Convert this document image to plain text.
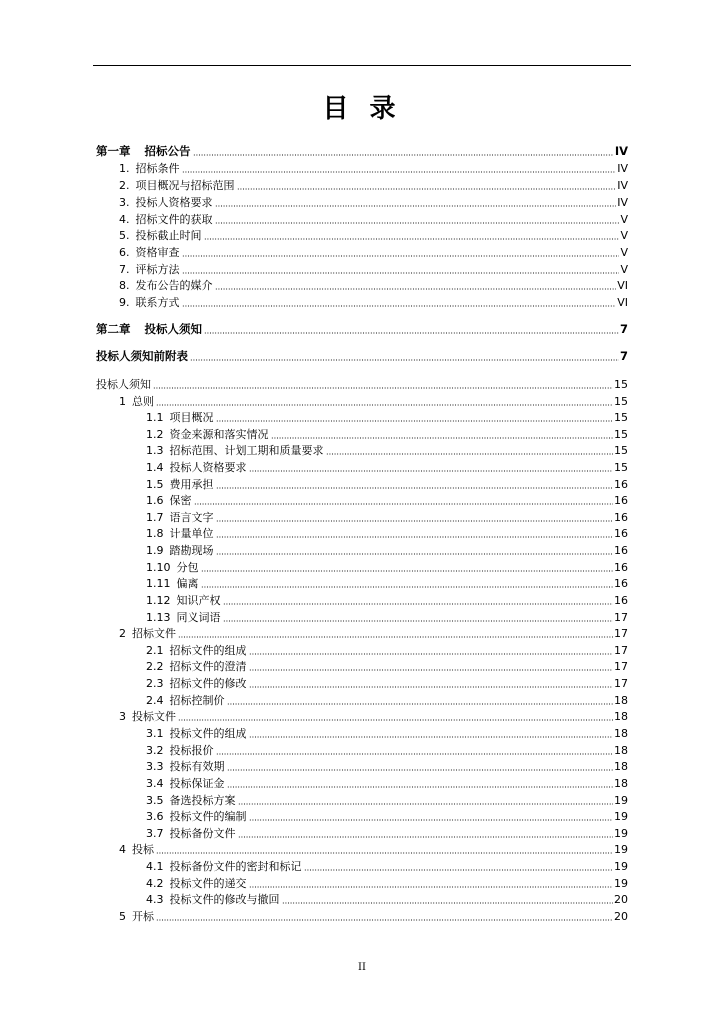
目 录
第一章 招标公告	IV
1. 招标条件	IV
2. 项目概况与招标范围	IV
3. 投标人资格要求	IV
4. 招标文件的获取	V
5. 投标截止时间	V
6. 资格审查	V
7. 评标方法	V
8. 发布公告的媒介	VI
9. 联系方式	VI
第二章 投标人须知	7
投标人须知前附表	7
投标人须知	15
1 总则	15
1.1 项目概况	15
1.2 资金来源和落实情况	15
1.3 招标范围、计划工期和质量要求	15
1.4 投标人资格要求	15
1.5 费用承担	16
1.6 保密	16
1.7 语言文字	16
1.8 计量单位	16
1.9 踏勘现场	16
1.10 分包	16
1.11 偏离	16
1.12 知识产权	16
1.13 同义词语	17
2 招标文件	17
2.1 招标文件的组成	17
2.2 招标文件的澄清	17
2.3 招标文件的修改	17
2.4 招标控制价	18
3 投标文件	18
3.1 投标文件的组成	18
3.2 投标报价	18
3.3 投标有效期	18
3.4 投标保证金	18
3.5 备选投标方案	19
3.6 投标文件的编制	19
3.7 投标备份文件	19
4 投标	19
4.1 投标备份文件的密封和标记	19
4.2 投标文件的递交	19
4.3 投标文件的修改与撤回	20
5 开标	20
II
